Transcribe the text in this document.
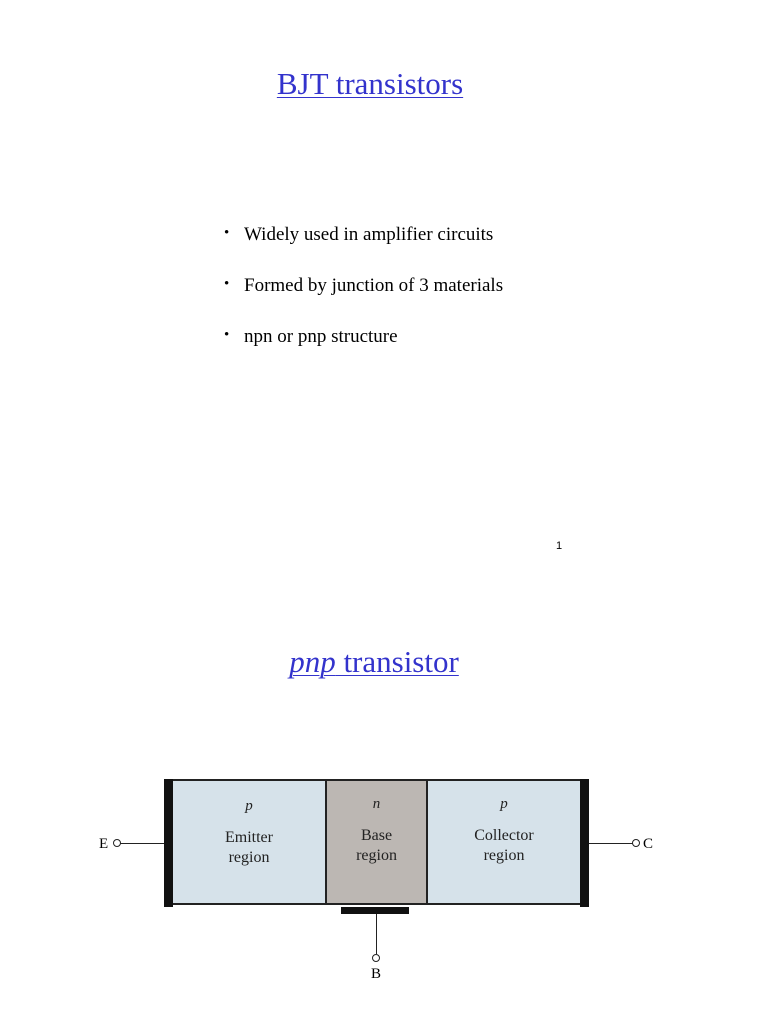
BJT transistors
• Widely used in amplifier circuits
• Formed by junction of 3 materials
• npn or pnp structure
1
pnp transistor
E	C
B
p
Emitter
region
n
Base
region
p
Collector
region
